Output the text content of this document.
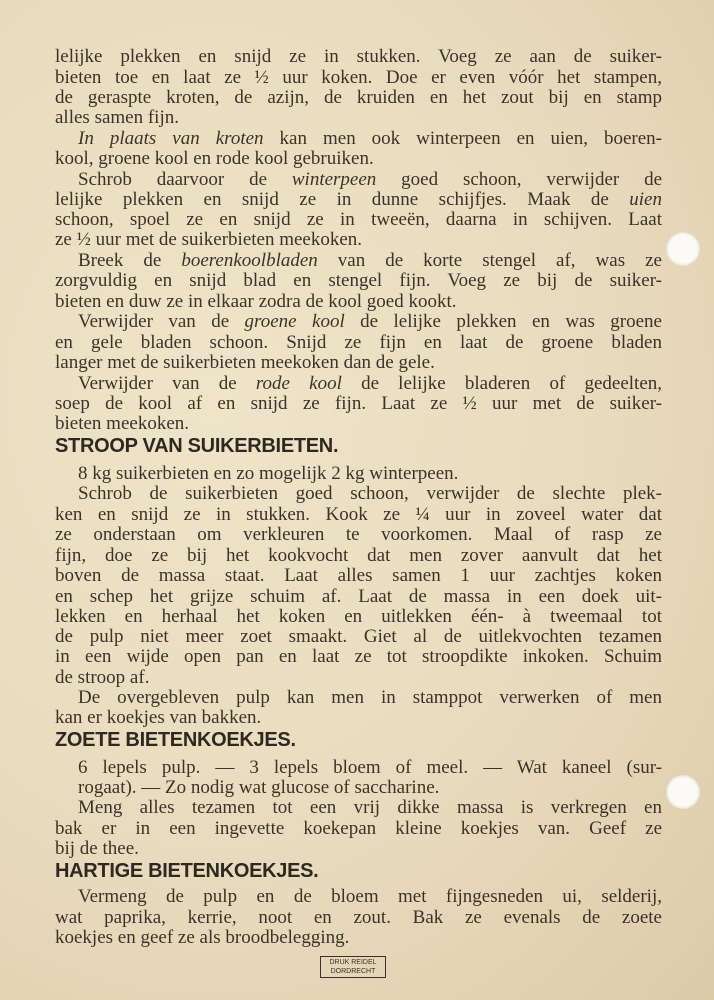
lelijke plekken en snijd ze in stukken. Voeg ze aan de suiker-
bieten toe en laat ze ½ uur koken. Doe er even vóór het stampen,
de geraspte kroten, de azijn, de kruiden en het zout bij en stamp
alles samen fijn.
In plaats van kroten kan men ook winterpeen en uien, boeren-
kool, groene kool en rode kool gebruiken.
Schrob daarvoor de winterpeen goed schoon, verwijder de
lelijke plekken en snijd ze in dunne schijfjes. Maak de uien
schoon, spoel ze en snijd ze in tweeën, daarna in schijven. Laat
ze ½ uur met de suikerbieten meekoken.
Breek de boerenkoolbladen van de korte stengel af, was ze
zorgvuldig en snijd blad en stengel fijn. Voeg ze bij de suiker-
bieten en duw ze in elkaar zodra de kool goed kookt.
Verwijder van de groene kool de lelijke plekken en was groene
en gele bladen schoon. Snijd ze fijn en laat de groene bladen
langer met de suikerbieten meekoken dan de gele.
Verwijder van de rode kool de lelijke bladeren of gedeelten,
soep de kool af en snijd ze fijn. Laat ze ½ uur met de suiker-
bieten meekoken.
STROOP VAN SUIKERBIETEN.
8 kg suikerbieten en zo mogelijk 2 kg winterpeen.
Schrob de suikerbieten goed schoon, verwijder de slechte plek-
ken en snijd ze in stukken. Kook ze ¼ uur in zoveel water dat
ze onderstaan om verkleuren te voorkomen. Maal of rasp ze
fijn, doe ze bij het kookvocht dat men zover aanvult dat het
boven de massa staat. Laat alles samen 1 uur zachtjes koken
en schep het grijze schuim af. Laat de massa in een doek uit-
lekken en herhaal het koken en uitlekken één- à tweemaal tot
de pulp niet meer zoet smaakt. Giet al de uitlekvochten tezamen
in een wijde open pan en laat ze tot stroopdikte inkoken. Schuim
de stroop af.
De overgebleven pulp kan men in stamppot verwerken of men
kan er koekjes van bakken.
ZOETE BIETENKOEKJES.
6 lepels pulp. — 3 lepels bloem of meel. — Wat kaneel (sur-
rogaat). — Zo nodig wat glucose of saccharine.
Meng alles tezamen tot een vrij dikke massa is verkregen en
bak er in een ingevette koekepan kleine koekjes van. Geef ze
bij de thee.
HARTIGE BIETENKOEKJES.
Vermeng de pulp en de bloem met fijngesneden ui, selderij,
wat paprika, kerrie, noot en zout. Bak ze evenals de zoete
koekjes en geef ze als broodbelegging.
DRUK REIDEL
DORDRECHT
